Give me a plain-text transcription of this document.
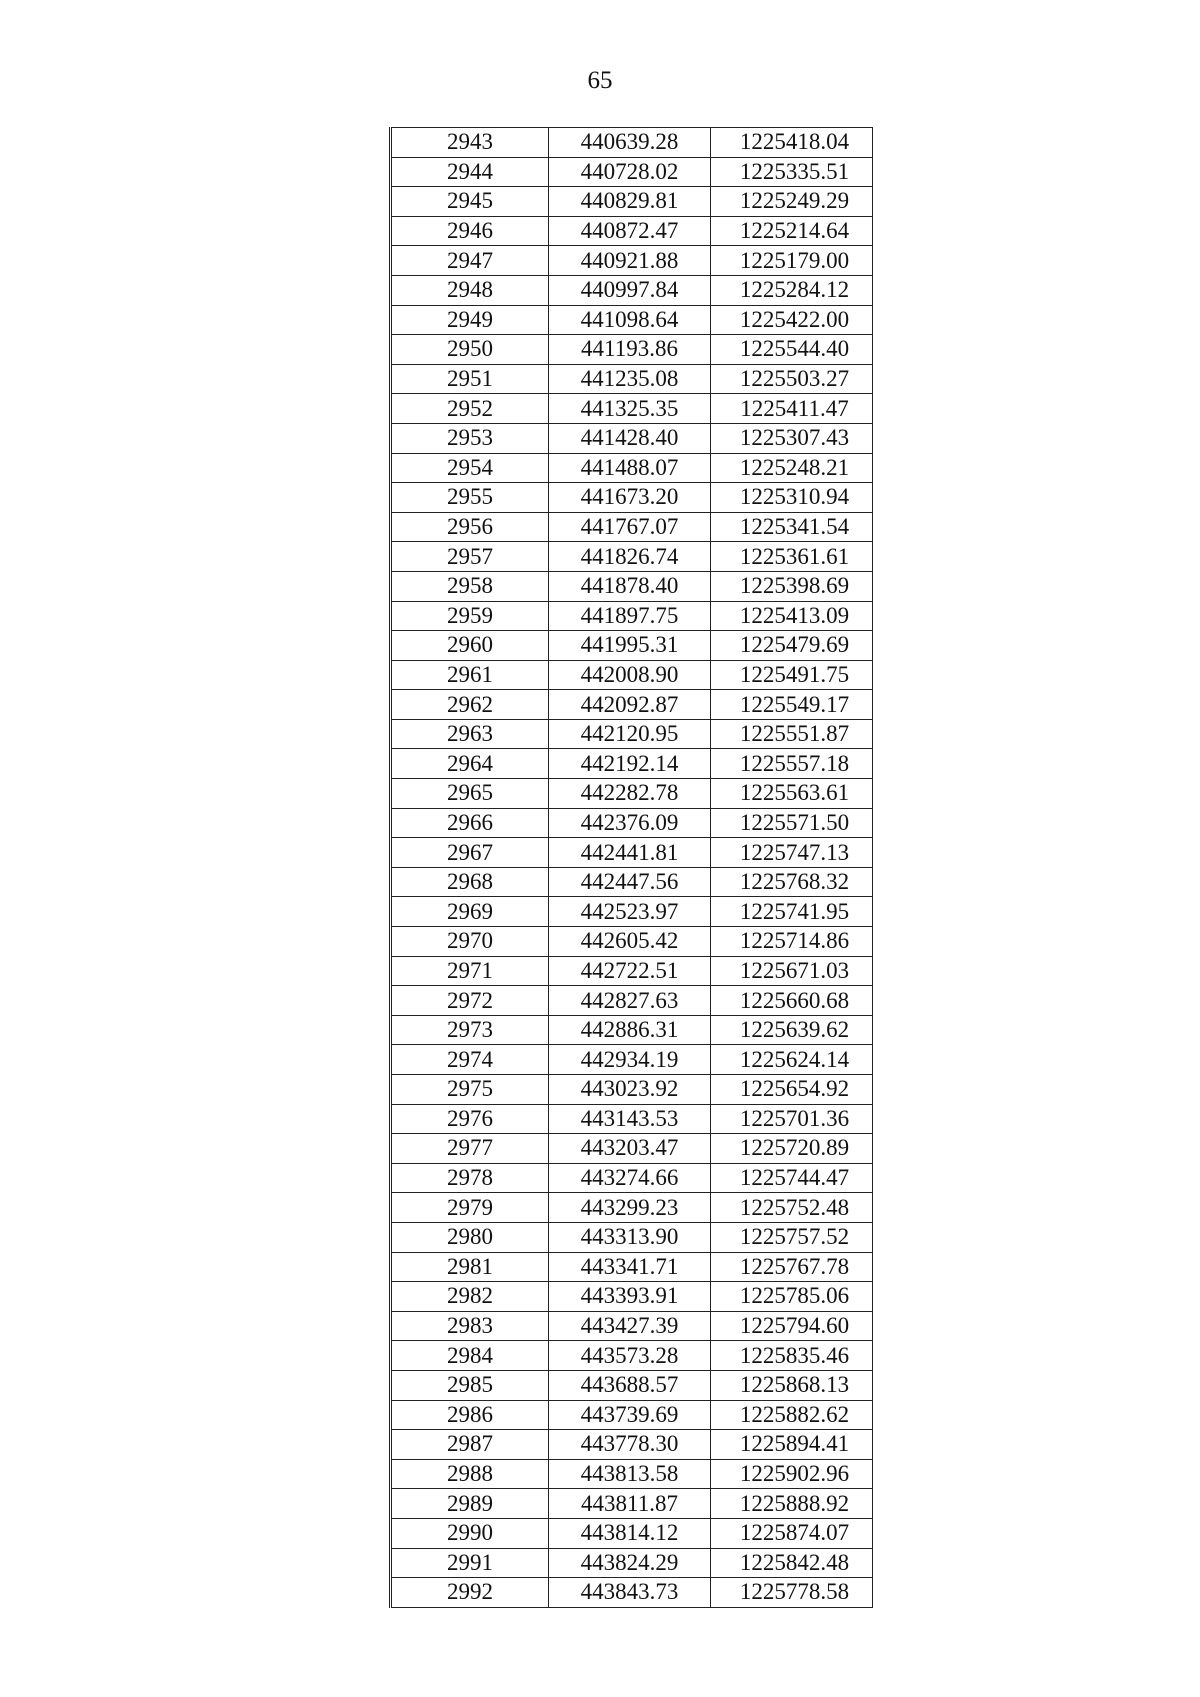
65
2943	440639.28	1225418.04
2944	440728.02	1225335.51
2945	440829.81	1225249.29
2946	440872.47	1225214.64
2947	440921.88	1225179.00
2948	440997.84	1225284.12
2949	441098.64	1225422.00
2950	441193.86	1225544.40
2951	441235.08	1225503.27
2952	441325.35	1225411.47
2953	441428.40	1225307.43
2954	441488.07	1225248.21
2955	441673.20	1225310.94
2956	441767.07	1225341.54
2957	441826.74	1225361.61
2958	441878.40	1225398.69
2959	441897.75	1225413.09
2960	441995.31	1225479.69
2961	442008.90	1225491.75
2962	442092.87	1225549.17
2963	442120.95	1225551.87
2964	442192.14	1225557.18
2965	442282.78	1225563.61
2966	442376.09	1225571.50
2967	442441.81	1225747.13
2968	442447.56	1225768.32
2969	442523.97	1225741.95
2970	442605.42	1225714.86
2971	442722.51	1225671.03
2972	442827.63	1225660.68
2973	442886.31	1225639.62
2974	442934.19	1225624.14
2975	443023.92	1225654.92
2976	443143.53	1225701.36
2977	443203.47	1225720.89
2978	443274.66	1225744.47
2979	443299.23	1225752.48
2980	443313.90	1225757.52
2981	443341.71	1225767.78
2982	443393.91	1225785.06
2983	443427.39	1225794.60
2984	443573.28	1225835.46
2985	443688.57	1225868.13
2986	443739.69	1225882.62
2987	443778.30	1225894.41
2988	443813.58	1225902.96
2989	443811.87	1225888.92
2990	443814.12	1225874.07
2991	443824.29	1225842.48
2992	443843.73	1225778.58
